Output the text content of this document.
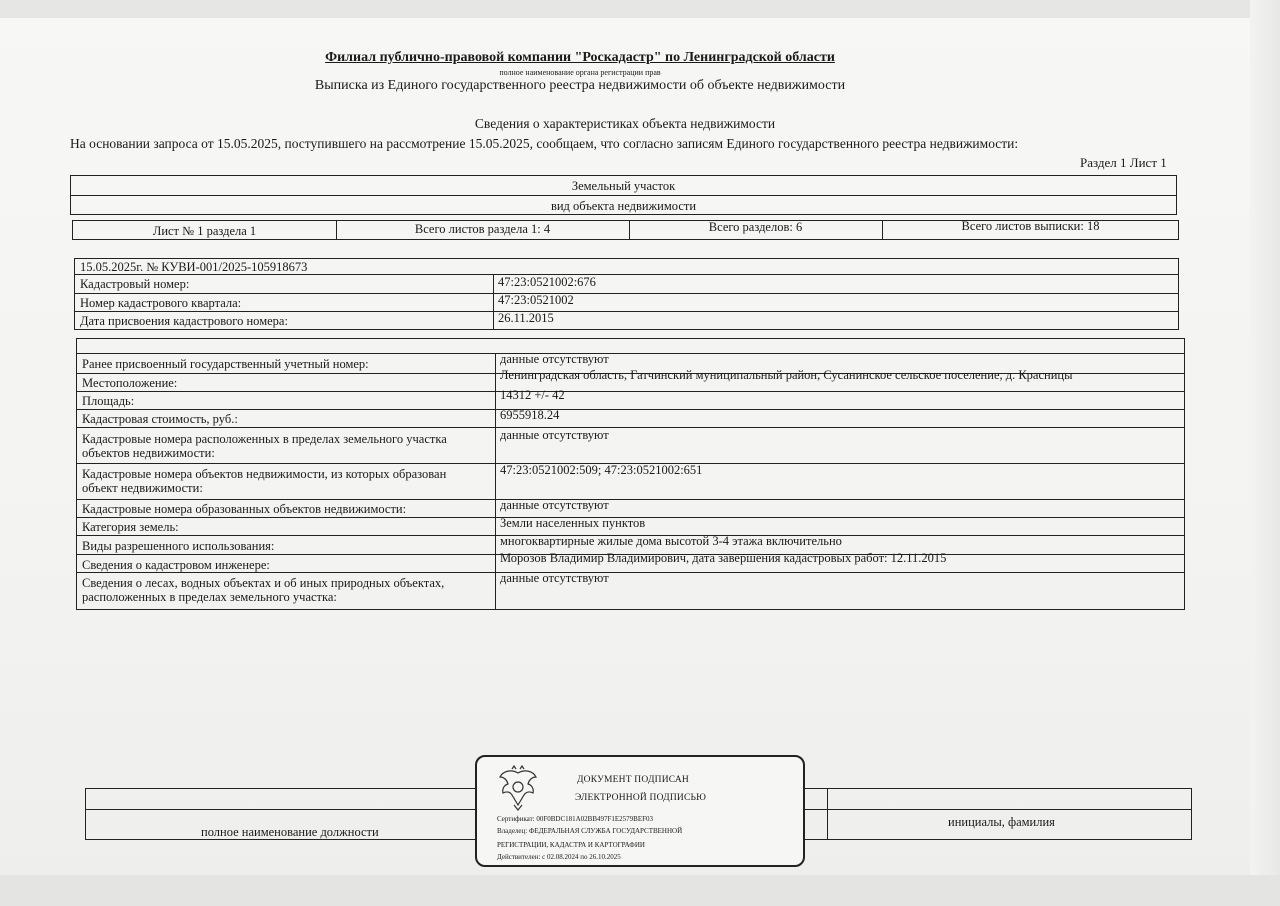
Филиал публично-правовой компании "Роскадастр" по Ленинградской области
полное наименование органа регистрации прав
Выписка из Единого государственного реестра недвижимости об объекте недвижимости
Сведения о характеристиках объекта недвижимости
На основании запроса от 15.05.2025, поступившего на рассмотрение 15.05.2025, сообщаем, что согласно записям Единого государственного реестра недвижимости:
Раздел 1 Лист 1
Земельный участок
вид объекта недвижимости
Лист № 1 раздела 1	Всего листов раздела 1: 4	Всего разделов: 6	Всего листов выписки: 18
15.05.2025г. № КУВИ-001/2025-105918673
Кадастровый номер:	47:23:0521002:676
Номер кадастрового квартала:	47:23:0521002
Дата присвоения кадастрового номера:	26.11.2015
Ранее присвоенный государственный учетный номер:	данные отсутствуют
Местоположение:
Ленинградская область, Гатчинский муниципальный район, Сусанинское сельское поселение, д. Красницы
Площадь:	14312 +/- 42
Кадастровая стоимость, руб.:	6955918.24
Кадастровые номера расположенных в пределах земельного участка объектов недвижимости:
данные отсутствуют
Кадастровые номера объектов недвижимости, из которых образован объект недвижимости:
47:23:0521002:509; 47:23:0521002:651
Кадастровые номера образованных объектов недвижимости:	данные отсутствуют
Категория земель:	Земли населенных пунктов
Виды разрешенного использования:	многоквартирные жилые дома высотой 3-4 этажа включительно
Сведения о кадастровом инженере:	Морозов Владимир Владимирович, дата завершения кадастровых работ: 12.11.2015
Сведения о лесах, водных объектах и об иных природных объектах, расположенных в пределах земельного участка:
данные отсутствуют
полное наименование должности
инициалы, фамилия
ДОКУМЕНТ ПОДПИСАН
ЭЛЕКТРОННОЙ ПОДПИСЬЮ
Сертификат: 00F0BDC181A02BB497F1E2579BEF03
Владелец: ФЕДЕРАЛЬНАЯ СЛУЖБА ГОСУДАРСТВЕННОЙ
РЕГИСТРАЦИИ, КАДАСТРА И КАРТОГРАФИИ
Действителен: с 02.08.2024 по 26.10.2025
